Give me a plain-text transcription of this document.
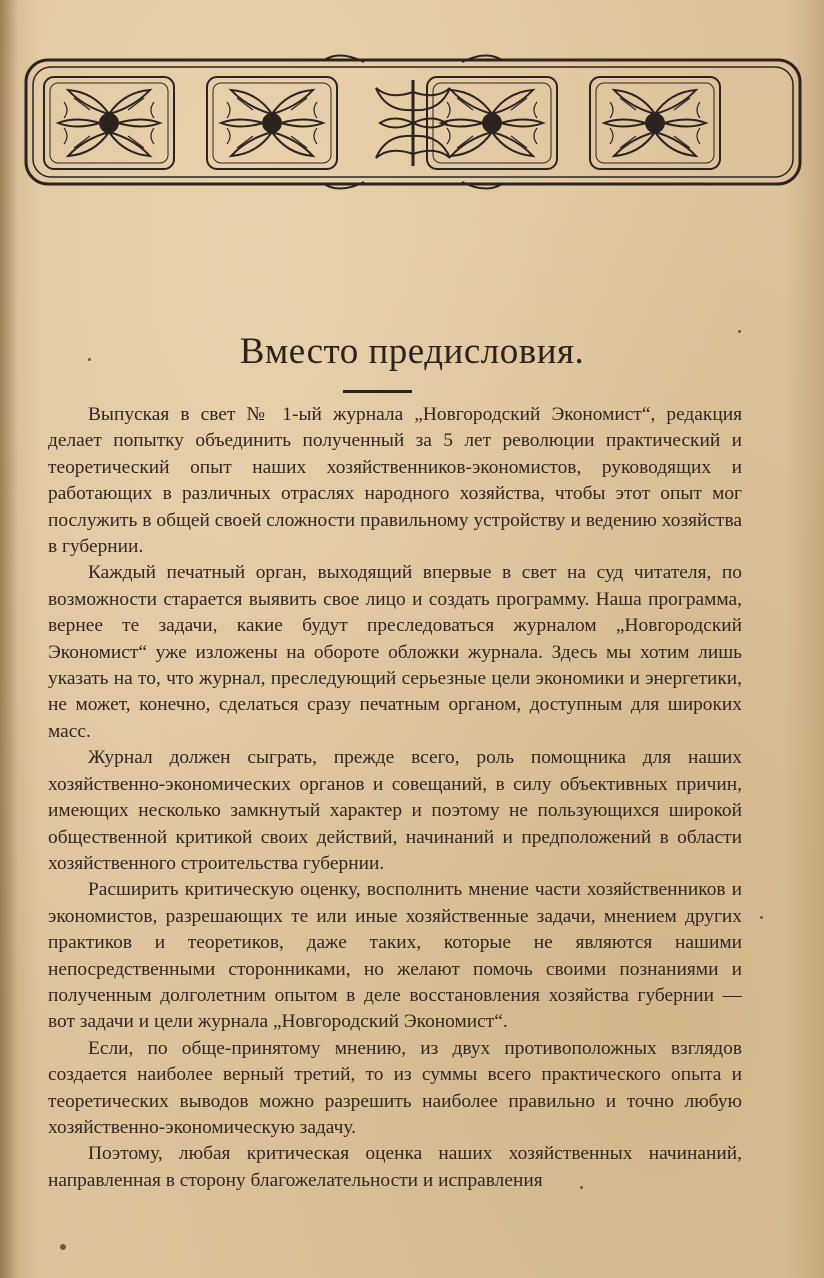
Вместо предисловия.

Выпуская в свет № 1-ый журнала „Новгородский Экономист“, редакция делает попытку объединить полученный за 5 лет революции практический и теоретический опыт наших хозяйственников-экономистов, руководящих и работающих в различных отраслях народного хозяйства, чтобы этот опыт мог послужить в общей своей сложности правильному устройству и ведению хозяйства в губернии.

Каждый печатный орган, выходящий впервые в свет на суд читателя, по возможности старается выявить свое лицо и создать программу. Наша программа, вернее те задачи, какие будут преследоваться журналом „Новгородский Экономист“ уже изложены на обороте обложки журнала. Здесь мы хотим лишь указать на то, что журнал, преследующий серьезные цели экономики и энергетики, не может, конечно, сделаться сразу печатным органом, доступным для широких масс.

Журнал должен сыграть, прежде всего, роль помощника для наших хозяйственно-экономических органов и совещаний, в силу объективных причин, имеющих несколько замкнутый характер и поэтому не пользующихся широкой общественной критикой своих действий, начинаний и предположений в области хозяйственного строительства губернии.

Расширить критическую оценку, восполнить мнение части хозяйственников и экономистов, разрешающих те или иные хозяйственные задачи, мнением других практиков и теоретиков, даже таких, которые не являются нашими непосредственными сторонниками, но желают помочь своими познаниями и полученным долголетним опытом в деле восстановления хозяйства губернии — вот задачи и цели журнала „Новгородский Экономист“.

Если, по обще-принятому мнению, из двух противоположных взглядов создается наиболее верный третий, то из суммы всего практического опыта и теоретических выводов можно разрешить наиболее правильно и точно любую хозяйственно-экономическую задачу.

Поэтому, любая критическая оценка наших хозяйственных начинаний, направленная в сторону благожелательности и исправления
